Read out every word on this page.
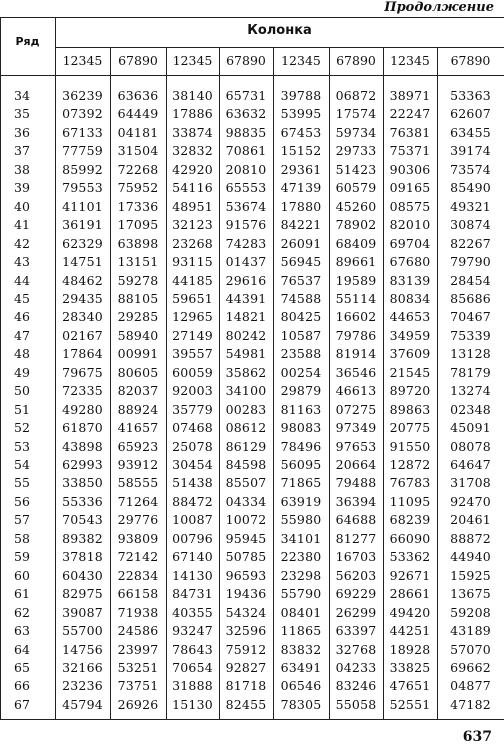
Продолжение
Колонка
Ряд
12345	67890	12345	67890	12345	67890	12345	67890
34	36239	63636	38140	65731	39788	06872	38971	53363
35	07392	64449	17886	63632	53995	17574	22247	62607
36	67133	04181	33874	98835	67453	59734	76381	63455
37	77759	31504	32832	70861	15152	29733	75371	39174
38	85992	72268	42920	20810	29361	51423	90306	73574
39	79553	75952	54116	65553	47139	60579	09165	85490
40	41101	17336	48951	53674	17880	45260	08575	49321
41	36191	17095	32123	91576	84221	78902	82010	30874
42	62329	63898	23268	74283	26091	68409	69704	82267
43	14751	13151	93115	01437	56945	89661	67680	79790
44	48462	59278	44185	29616	76537	19589	83139	28454
45	29435	88105	59651	44391	74588	55114	80834	85686
46	28340	29285	12965	14821	80425	16602	44653	70467
47	02167	58940	27149	80242	10587	79786	34959	75339
48	17864	00991	39557	54981	23588	81914	37609	13128
49	79675	80605	60059	35862	00254	36546	21545	78179
50	72335	82037	92003	34100	29879	46613	89720	13274
51	49280	88924	35779	00283	81163	07275	89863	02348
52	61870	41657	07468	08612	98083	97349	20775	45091
53	43898	65923	25078	86129	78496	97653	91550	08078
54	62993	93912	30454	84598	56095	20664	12872	64647
55	33850	58555	51438	85507	71865	79488	76783	31708
56	55336	71264	88472	04334	63919	36394	11095	92470
57	70543	29776	10087	10072	55980	64688	68239	20461
58	89382	93809	00796	95945	34101	81277	66090	88872
59	37818	72142	67140	50785	22380	16703	53362	44940
60	60430	22834	14130	96593	23298	56203	92671	15925
61	82975	66158	84731	19436	55790	69229	28661	13675
62	39087	71938	40355	54324	08401	26299	49420	59208
63	55700	24586	93247	32596	11865	63397	44251	43189
64	14756	23997	78643	75912	83832	32768	18928	57070
65	32166	53251	70654	92827	63491	04233	33825	69662
66	23236	73751	31888	81718	06546	83246	47651	04877
67	45794	26926	15130	82455	78305	55058	52551	47182
637
